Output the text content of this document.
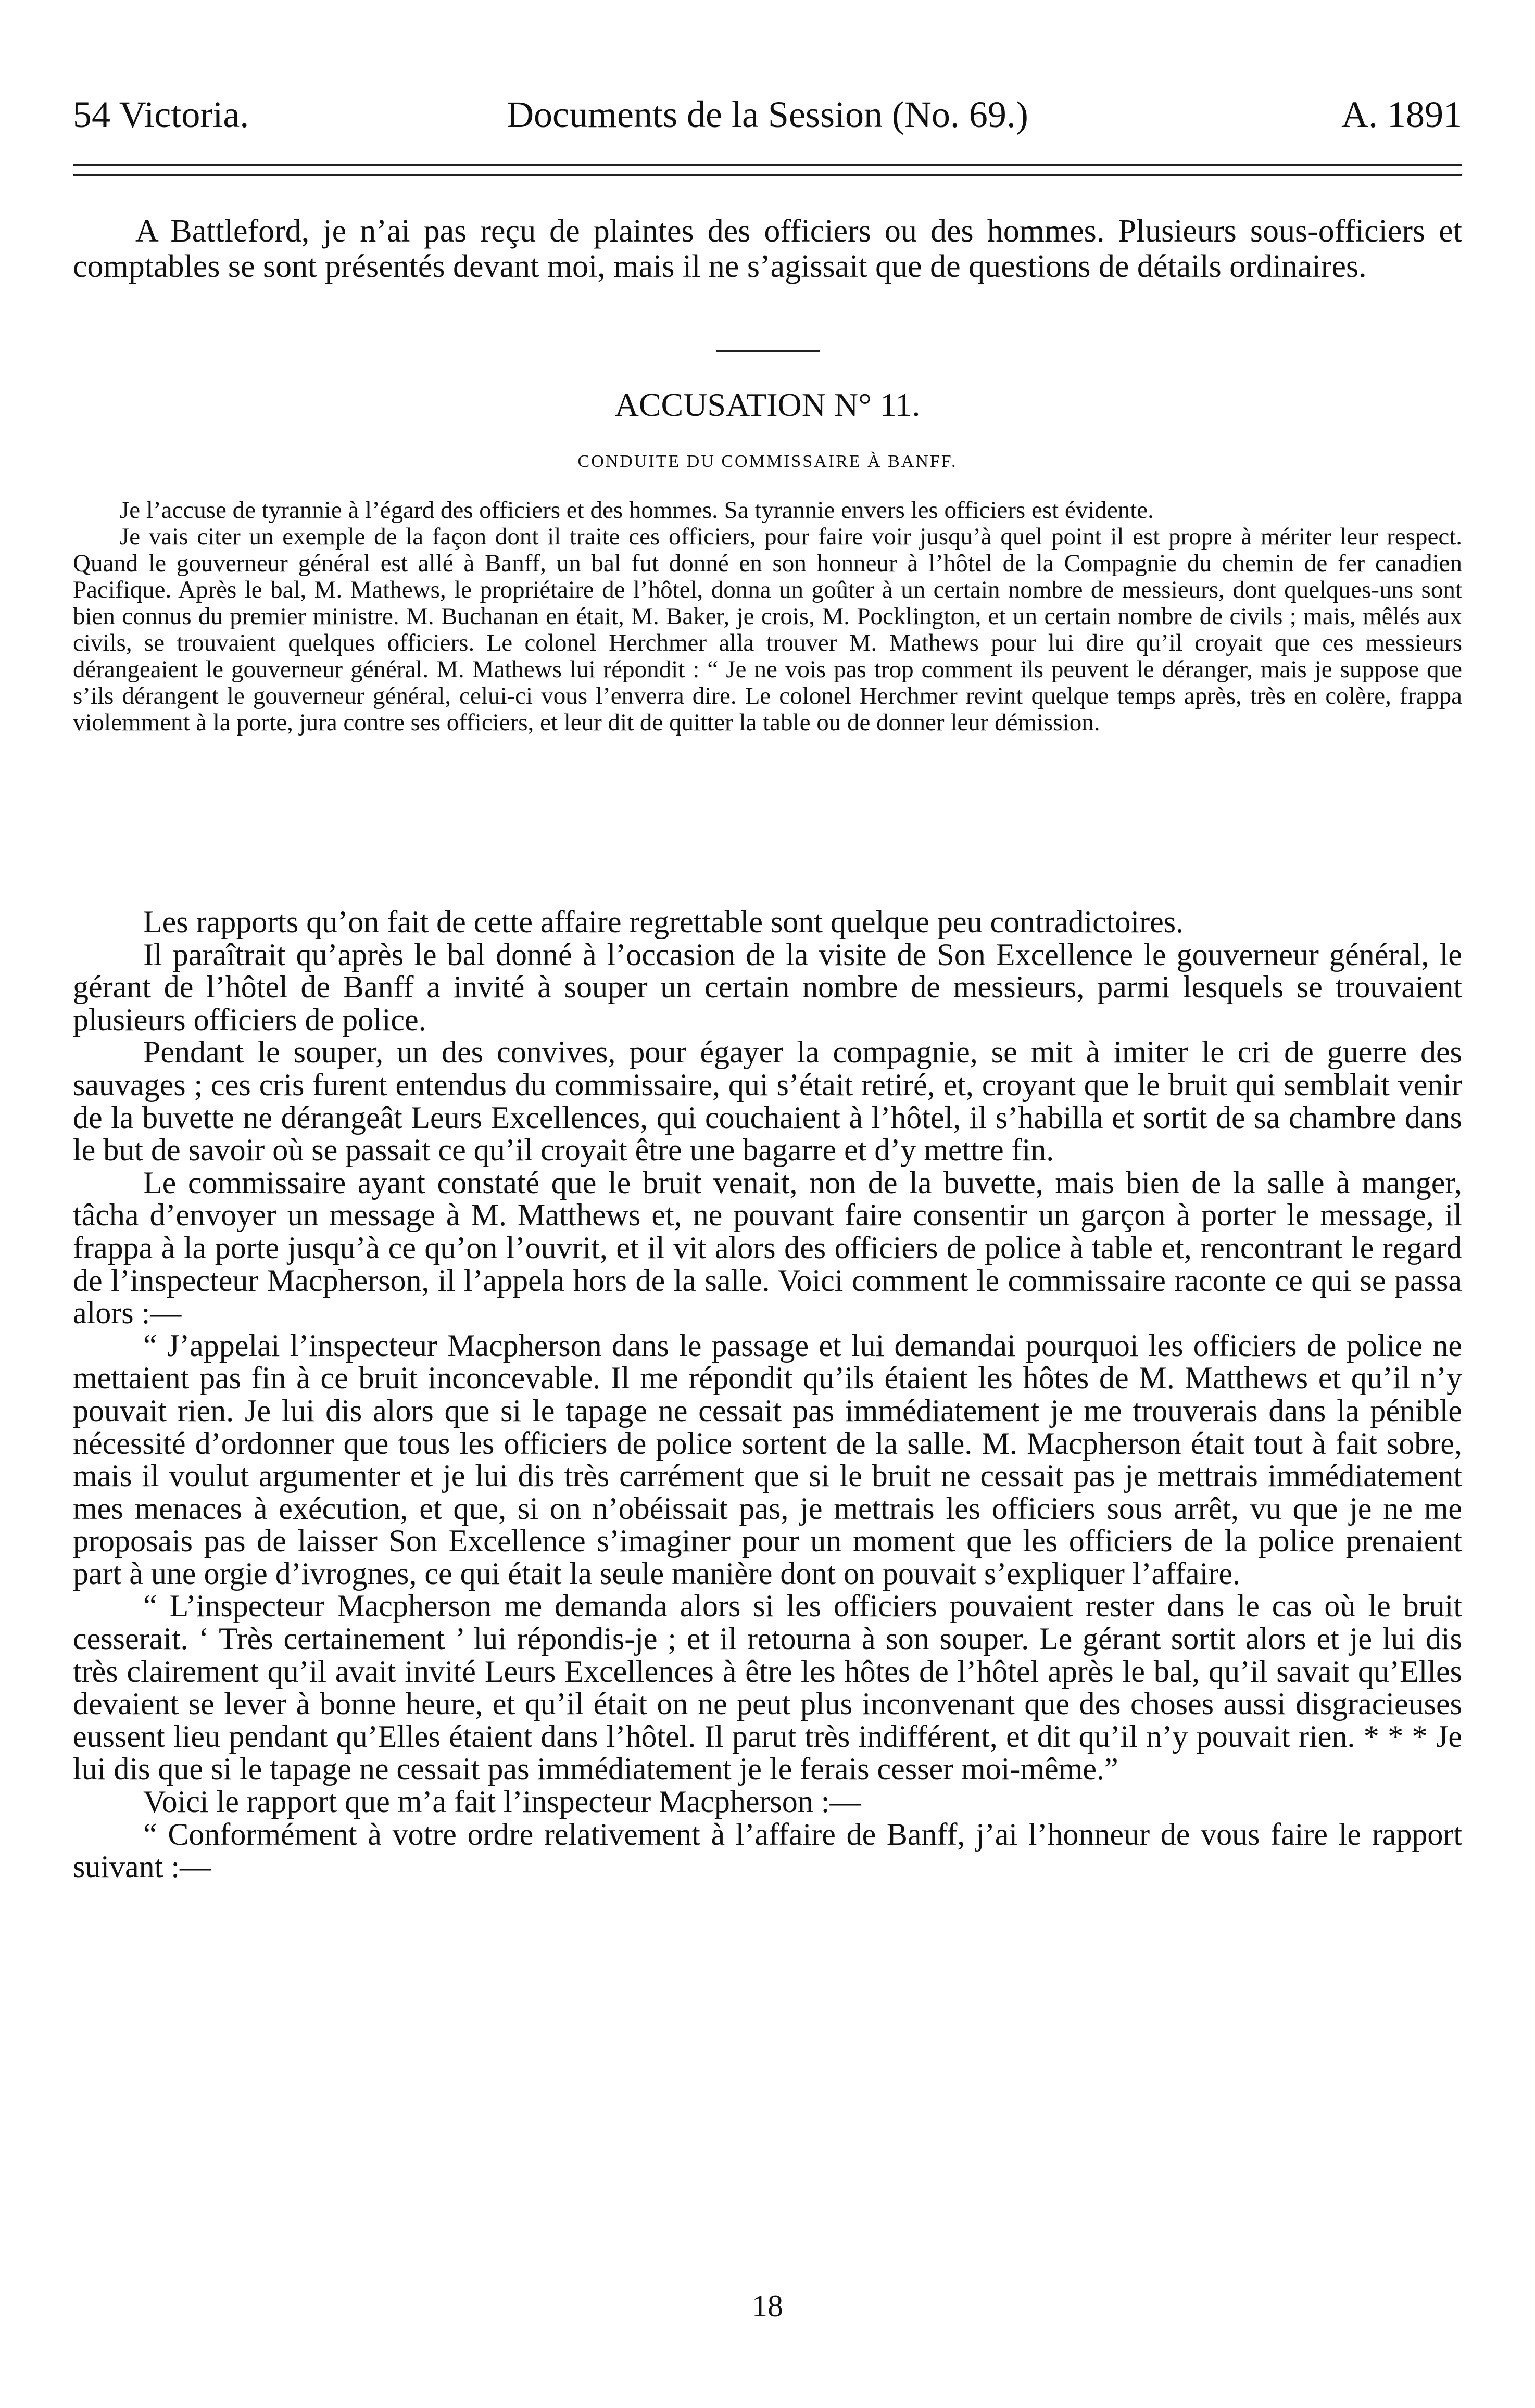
54 Victoria.	Documents de la Session (No. 69.)	A. 1891

A Battleford, je n’ai pas reçu de plaintes des officiers ou des hommes. Plusieurs sous-officiers et comptables se sont présentés devant moi, mais il ne s’agissait que de questions de détails ordinaires.

ACCUSATION N° 11.
CONDUITE DU COMMISSAIRE À BANFF.

Je l’accuse de tyrannie à l’égard des officiers et des hommes. Sa tyrannie envers les officiers est évidente.

Je vais citer un exemple de la façon dont il traite ces officiers, pour faire voir jusqu’à quel point il est propre à mériter leur respect. Quand le gouverneur général est allé à Banff, un bal fut donné en son honneur à l’hôtel de la Compagnie du chemin de fer canadien Pacifique. Après le bal, M. Mathews, le propriétaire de l’hôtel, donna un goûter à un certain nombre de messieurs, dont quelques-uns sont bien connus du premier ministre. M. Buchanan en était, M. Baker, je crois, M. Pocklington, et un certain nombre de civils ; mais, mêlés aux civils, se trouvaient quelques officiers. Le colonel Herchmer alla trouver M. Mathews pour lui dire qu’il croyait que ces messieurs dérangeaient le gouverneur général. M. Mathews lui répondit : “ Je ne vois pas trop comment ils peuvent le déranger, mais je suppose que s’ils dérangent le gouverneur général, celui-ci vous l’enverra dire. Le colonel Herchmer revint quelque temps après, très en colère, frappa violemment à la porte, jura contre ses officiers, et leur dit de quitter la table ou de donner leur démission.

Les rapports qu’on fait de cette affaire regrettable sont quelque peu contradictoires.

Il paraîtrait qu’après le bal donné à l’occasion de la visite de Son Excellence le gouverneur général, le gérant de l’hôtel de Banff a invité à souper un certain nombre de messieurs, parmi lesquels se trouvaient plusieurs officiers de police.

Pendant le souper, un des convives, pour égayer la compagnie, se mit à imiter le cri de guerre des sauvages ; ces cris furent entendus du commissaire, qui s’était retiré, et, croyant que le bruit qui semblait venir de la buvette ne dérangeât Leurs Excellences, qui couchaient à l’hôtel, il s’habilla et sortit de sa chambre dans le but de savoir où se passait ce qu’il croyait être une bagarre et d’y mettre fin.

Le commissaire ayant constaté que le bruit venait, non de la buvette, mais bien de la salle à manger, tâcha d’envoyer un message à M. Matthews et, ne pouvant faire consentir un garçon à porter le message, il frappa à la porte jusqu’à ce qu’on l’ouvrit, et il vit alors des officiers de police à table et, rencontrant le regard de l’inspecteur Macpherson, il l’appela hors de la salle. Voici comment le commissaire raconte ce qui se passa alors :—

“ J’appelai l’inspecteur Macpherson dans le passage et lui demandai pourquoi les officiers de police ne mettaient pas fin à ce bruit inconcevable. Il me répondit qu’ils étaient les hôtes de M. Matthews et qu’il n’y pouvait rien. Je lui dis alors que si le tapage ne cessait pas immédiatement je me trouverais dans la pénible nécessité d’ordonner que tous les officiers de police sortent de la salle. M. Macpherson était tout à fait sobre, mais il voulut argumenter et je lui dis très carrément que si le bruit ne cessait pas je mettrais immédiatement mes menaces à exécution, et que, si on n’obéissait pas, je mettrais les officiers sous arrêt, vu que je ne me proposais pas de laisser Son Excellence s’imaginer pour un moment que les officiers de la police prenaient part à une orgie d’ivrognes, ce qui était la seule manière dont on pouvait s’expliquer l’affaire.

“ L’inspecteur Macpherson me demanda alors si les officiers pouvaient rester dans le cas où le bruit cesserait. ‘ Très certainement ’ lui répondis-je ; et il retourna à son souper. Le gérant sortit alors et je lui dis très clairement qu’il avait invité Leurs Excellences à être les hôtes de l’hôtel après le bal, qu’il savait qu’Elles devaient se lever à bonne heure, et qu’il était on ne peut plus inconvenant que des choses aussi disgracieuses eussent lieu pendant qu’Elles étaient dans l’hôtel. Il parut très indifférent, et dit qu’il n’y pouvait rien. * * * Je lui dis que si le tapage ne cessait pas immédiatement je le ferais cesser moi-même.”

Voici le rapport que m’a fait l’inspecteur Macpherson :—

“ Conformément à votre ordre relativement à l’affaire de Banff, j’ai l’honneur de vous faire le rapport suivant :—

18
